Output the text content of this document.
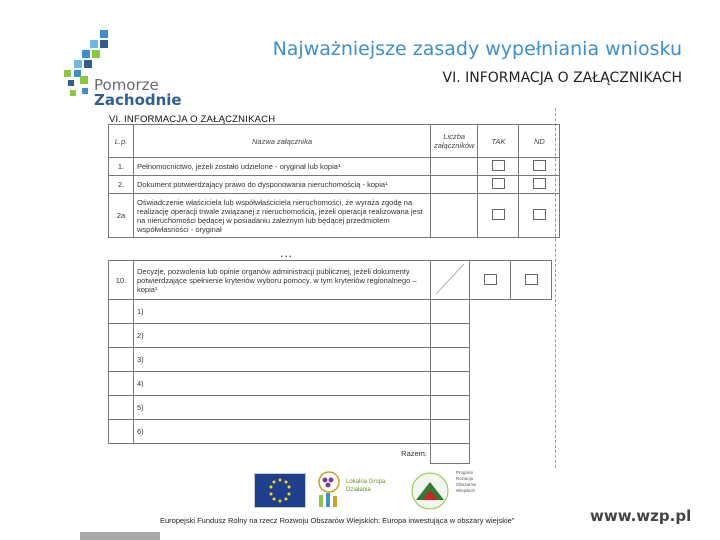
Pomorze
Zachodnie
Najważniejsze zasady wypełniania wniosku
VI. INFORMACJA O ZAŁĄCZNIKACH
VI. INFORMACJA O ZAŁĄCZNIKACH
L.p.	Nazwa załącznika	Liczba załączników	TAK	ND
1.	Pełnomocnictwo, jeżeli zostało udzielone - oryginał lub kopia¹			
2.	Dokument potwierdzający prawo do dysponowania nieruchomością - kopia¹			
2a	Oświadczenie właściciela lub współwłaściciela nieruchomości, że wyraża zgodę na realizację operacji trwale związanej z nieruchomością, jeżeli operacja realizowana jest na nieruchomości będącej w posiadaniu zależnym lub będącej przedmiotem współwłasności - oryginał			
...
10.	Decyzje, pozwolenia lub opinie organów administracji publicznej, jeżeli dokumenty potwierdzające spełnienie kryteriów wyboru pomocy, w tym kryteriów regionalnego – kopia¹			
	1)			
	2)			
	3)			
	4)			
	5)			
	6)			
	Razem:			
Lokalna Grupa
Działania
Program Rozwoju Obszarów Wiejskich
Europejski Fundusz Rolny na rzecz Rozwoju Obszarów Wiejskich: Europa inwestująca w obszary wiejskie"	www.wzp.pl
